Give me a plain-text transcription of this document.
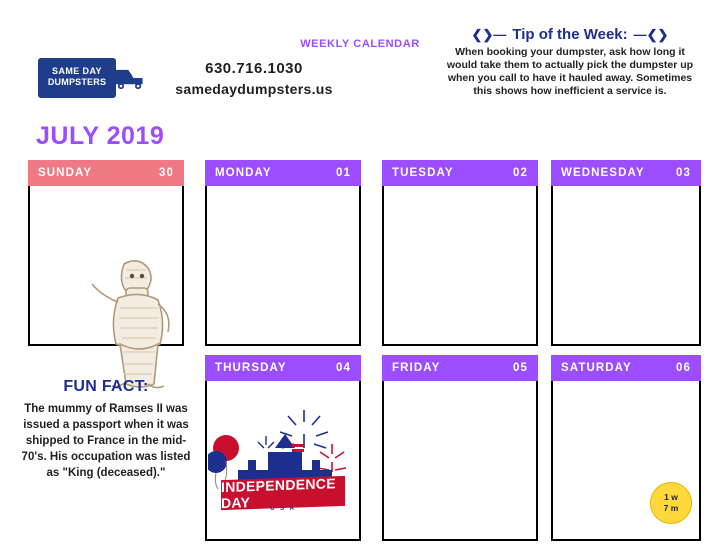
WEEKLY CALENDAR
SAME DAY
DUMPSTERS
630.716.1030
samedaydumpsters.us
❮❯— Tip of the Week: —❮❯
When booking your dumpster, ask how long it would take them to actually pick the dumpster up when you call to have it hauled away. Sometimes this shows how inefficient a service is.
JULY 2019
SUNDAY	30	MONDAY	01	TUESDAY	02	WEDNESDAY	03
THURSDAY	04	FRIDAY	05	SATURDAY	06
FUN FACT:
The mummy of Ramses II was issued a passport when it was shipped to France in the mid-70's. His occupation was listed as "King (deceased)."
INDEPENDENCE DAY	U S A
1 w
7 m
